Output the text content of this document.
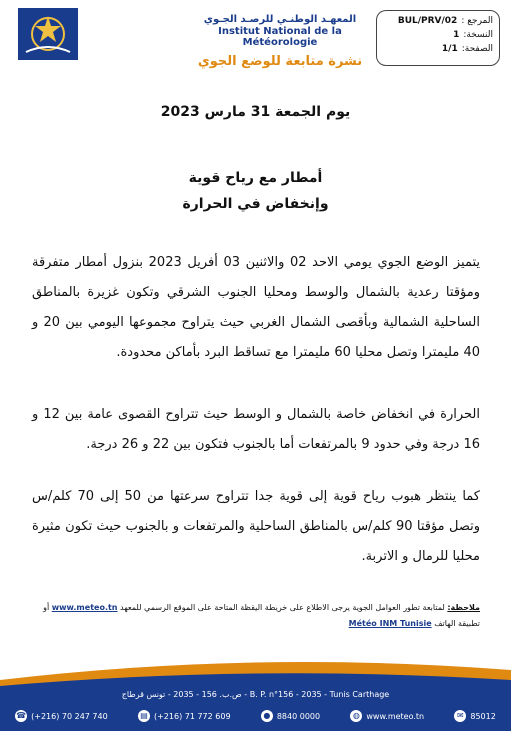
المعهـد الوطنـي للرصـد الجـوي
Institut National de la Météorologie
نشرة متابعة للوضع الجوي
المرجع :
BUL/PRV/02
النسخة:
1
الصفحة:
1/1
يوم الجمعة 31 مارس 2023
أمطار مع رياح قوية
وإنخفاض في الحرارة
يتميز الوضع الجوي يومي الاحد 02 والاثنين 03 أفريل 2023 بنزول أمطار متفرقة ومؤقتا رعدية بالشمال والوسط ومحليا الجنوب الشرقي وتكون غزيرة بالمناطق الساحلية الشمالية وبأقصى الشمال الغربي حيث يتراوح مجموعها اليومي بين 20 و 40 مليمترا وتصل محليا 60 مليمترا مع تساقط البرد بأماكن محدودة.
الحرارة في انخفاض خاصة بالشمال و الوسط حيث تتراوح القصوى عامة بين 12 و 16 درجة وفي حدود 9 بالمرتفعات أما بالجنوب فتكون بين 22 و 26 درجة.
كما ينتظر هبوب رياح قوية إلى قوية جدا تتراوح سرعتها من 50 إلى 70 كلم/س وتصل مؤقتا 90 كلم/س بالمناطق الساحلية والمرتفعات و بالجنوب حيث تكون مثيرة محليا للرمال و الاتربة.
ملاحظة: لمتابعة تطور العوامل الجوية يرجى الاطلاع على خريطة اليقظة المتاحة على الموقع الرسمي للمعهد www.meteo.tn أو
تطبيقة الهاتف Météo INM Tunisie
ص.ب. 156 - 2035 - تونس قرطاج - B. P. n°156 - 2035 - Tunis Carthage
☎ (+216) 70 247 740	▤ (+216) 71 772 609	● 8840 0000	◍ www.meteo.tn	✉ 85012
